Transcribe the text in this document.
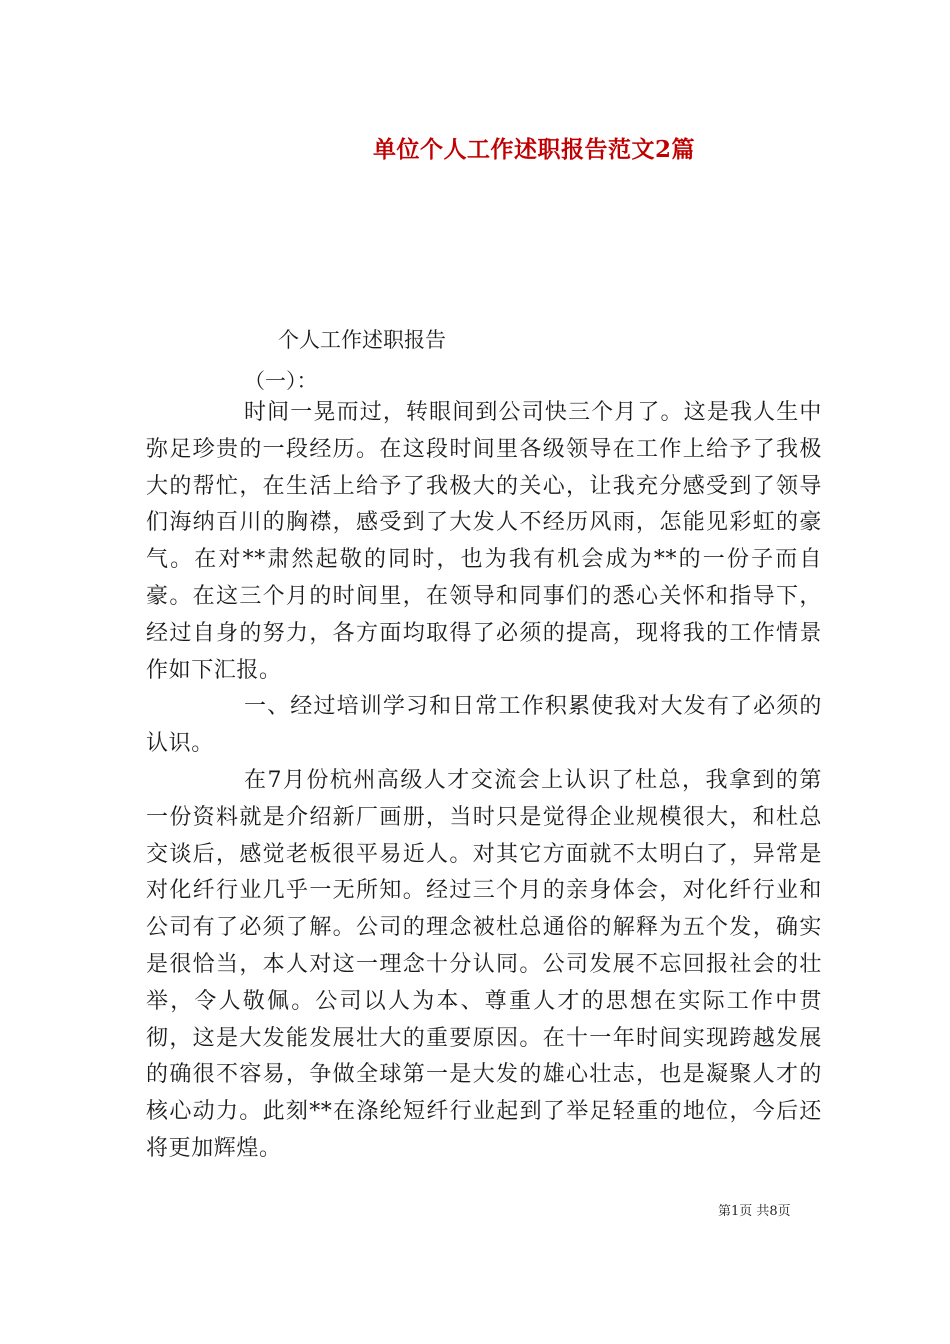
单位个人工作述职报告范文2篇

个人工作述职报告

（一）：

时间一晃而过，转眼间到公司快三个月了。这是我人生中弥足珍贵的一段经历。在这段时间里各级领导在工作上给予了我极大的帮忙，在生活上给予了我极大的关心，让我充分感受到了领导们海纳百川的胸襟，感受到了大发人不经历风雨，怎能见彩虹的豪气。在对**肃然起敬的同时，也为我有机会成为**的一份子而自豪。在这三个月的时间里，在领导和同事们的悉心关怀和指导下，经过自身的努力，各方面均取得了必须的提高，现将我的工作情景作如下汇报。

一、经过培训学习和日常工作积累使我对大发有了必须的认识。

在7月份杭州高级人才交流会上认识了杜总，我拿到的第一份资料就是介绍新厂画册，当时只是觉得企业规模很大，和杜总交谈后，感觉老板很平易近人。对其它方面就不太明白了，异常是对化纤行业几乎一无所知。经过三个月的亲身体会，对化纤行业和公司有了必须了解。公司的理念被杜总通俗的解释为五个发，确实是很恰当，本人对这一理念十分认同。公司发展不忘回报社会的壮举，令人敬佩。公司以人为本、尊重人才的思想在实际工作中贯彻，这是大发能发展壮大的重要原因。在十一年时间实现跨越发展的确很不容易，争做全球第一是大发的雄心壮志，也是凝聚人才的核心动力。此刻**在涤纶短纤行业起到了举足轻重的地位，今后还将更加辉煌。

第1页 共8页
